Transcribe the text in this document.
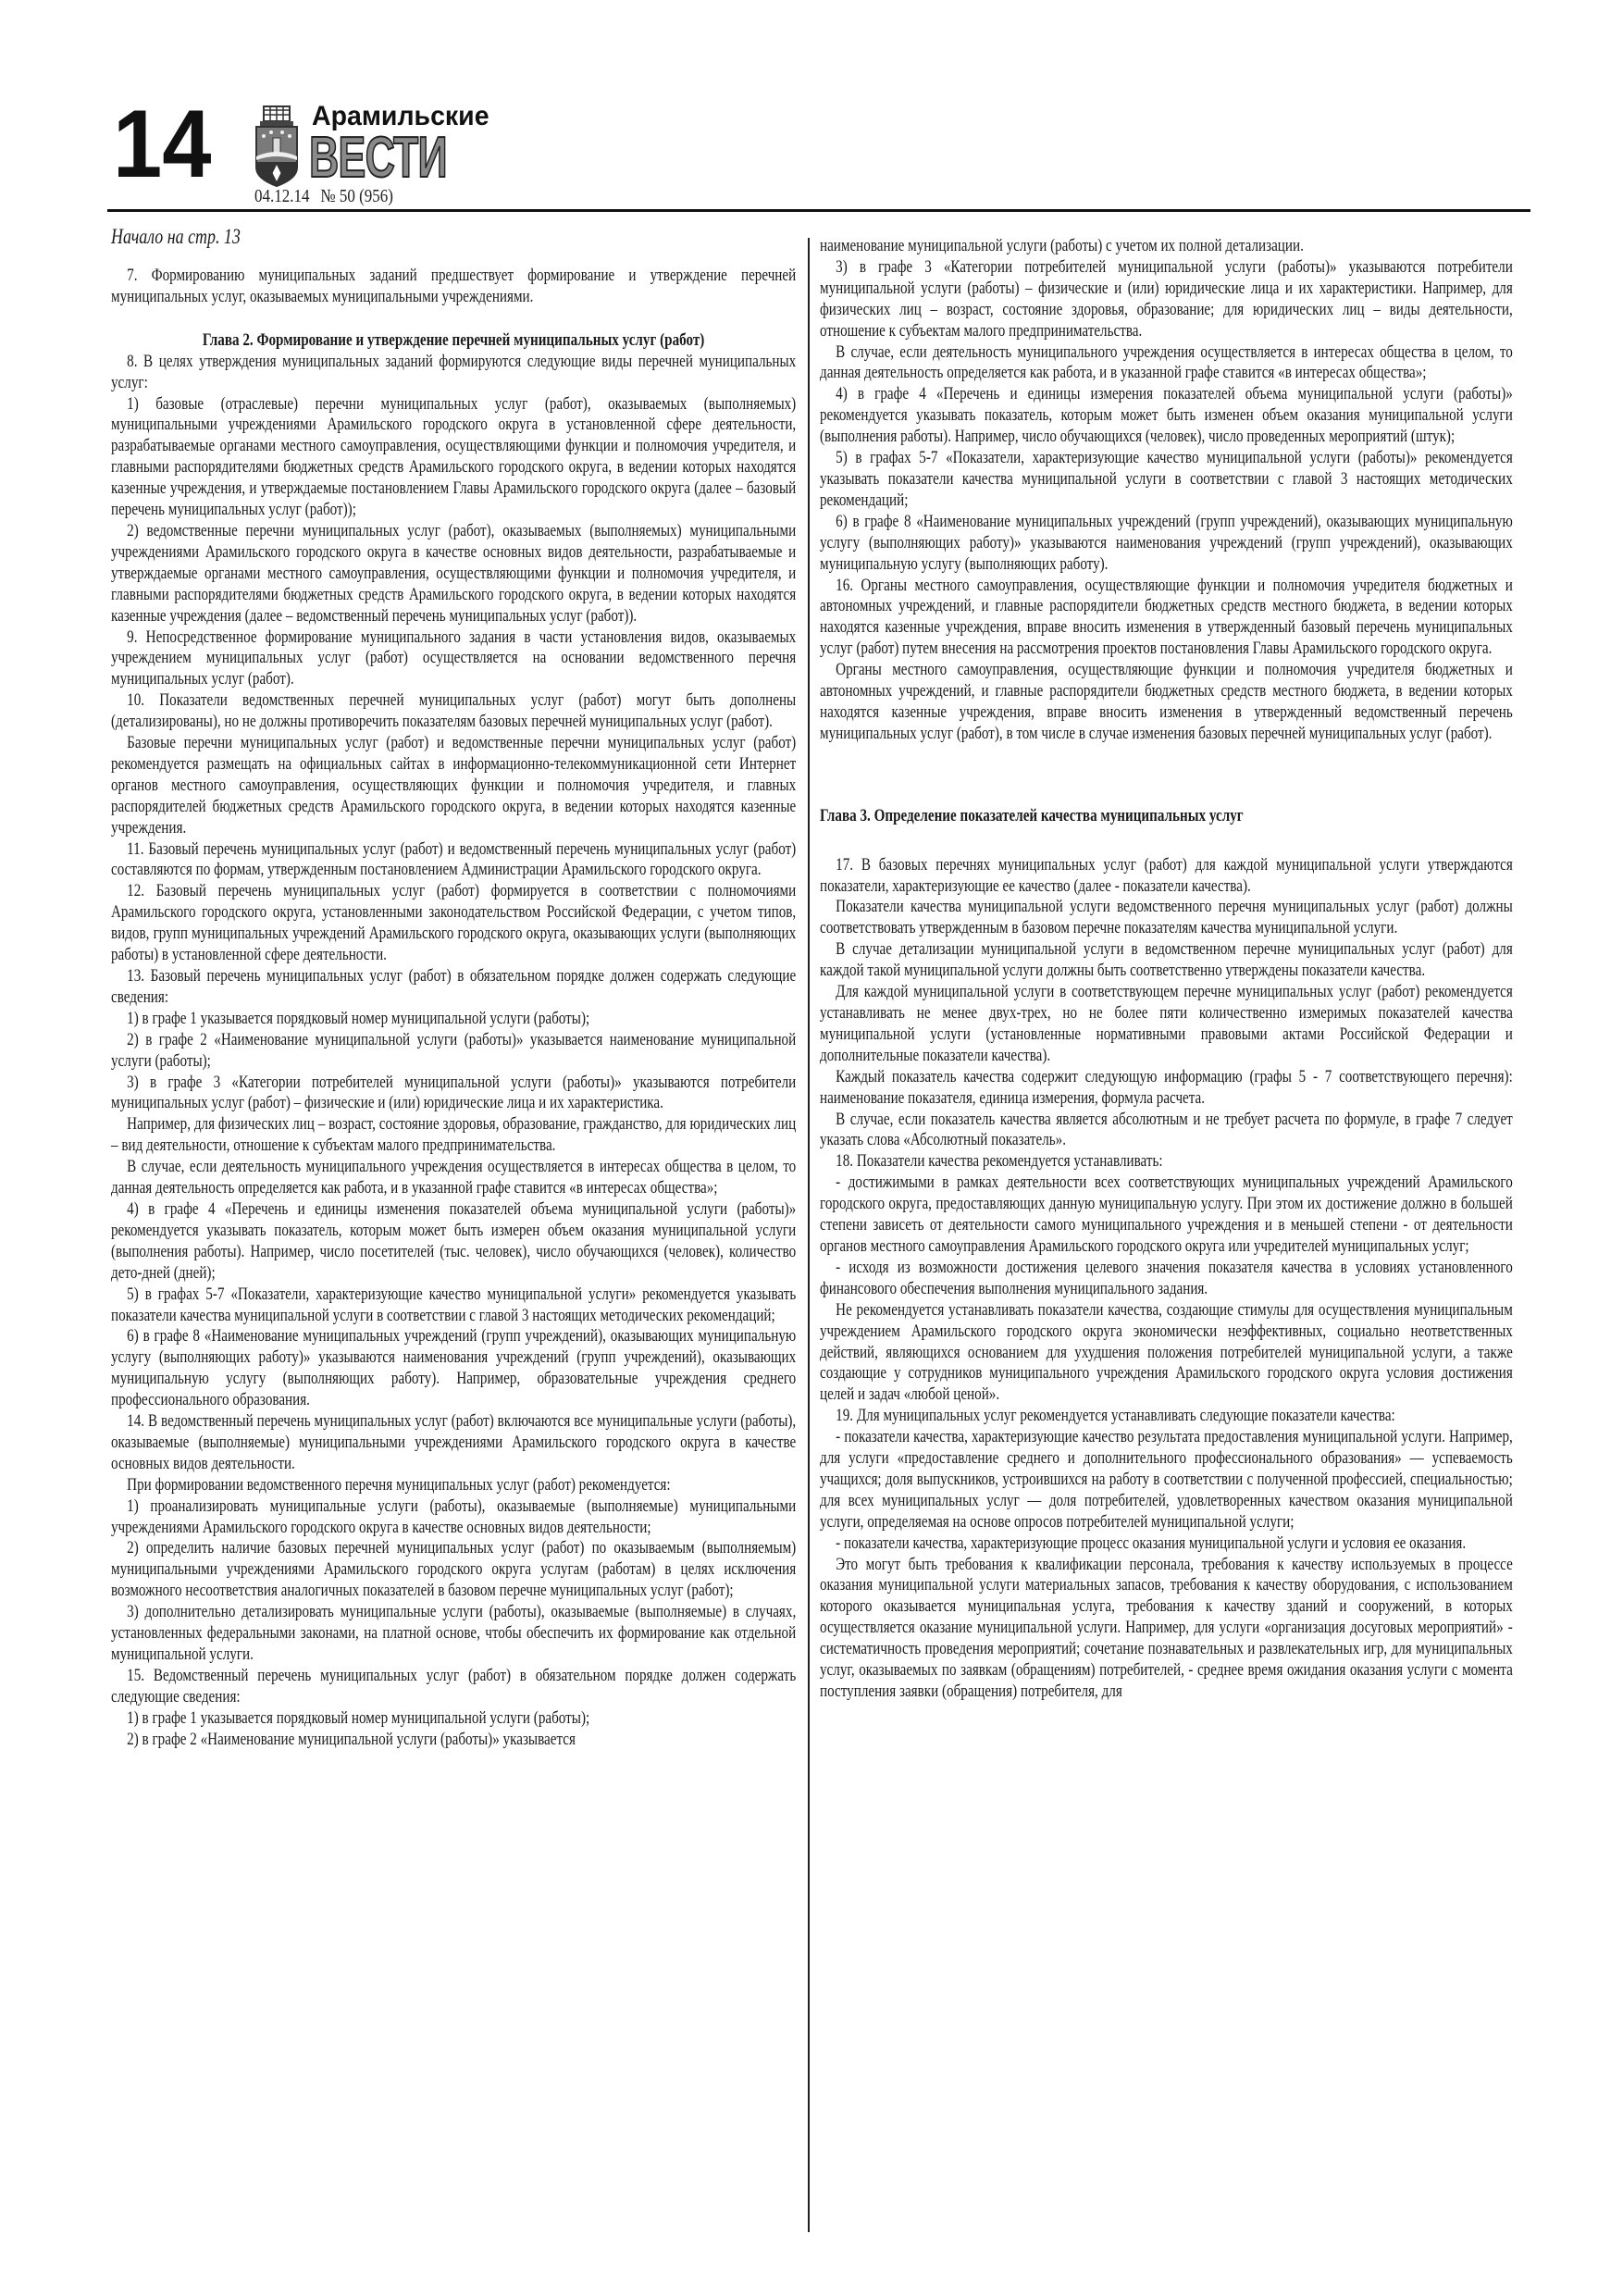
14	Арамильские
ВЕСТИ
04.12.14 № 50 (956)

Начало на стр. 13

7. Формированию муниципальных заданий предшествует формирование и утверждение перечней муниципальных услуг, оказываемых муниципальными учреждениями.

Глава 2. Формирование и утверждение перечней муниципальных услуг (работ)

8. В целях утверждения муниципальных заданий формируются следующие виды перечней муниципальных услуг:

1) базовые (отраслевые) перечни муниципальных услуг (работ), оказываемых (выполняемых) муниципальными учреждениями Арамильского городского округа в установленной сфере деятельности, разрабатываемые органами местного самоуправления, осуществляющими функции и полномочия учредителя, и главными распорядителями бюджетных средств Арамильского городского округа, в ведении которых находятся казенные учреждения, и утверждаемые постановлением Главы Арамильского городского округа (далее – базовый перечень муниципальных услуг (работ));

2) ведомственные перечни муниципальных услуг (работ), оказываемых (выполняемых) муниципальными учреждениями Арамильского городского округа в качестве основных видов деятельности, разрабатываемые и утверждаемые органами местного самоуправления, осуществляющими функции и полномочия учредителя, и главными распорядителями бюджетных средств Арамильского городского округа, в ведении которых находятся казенные учреждения (далее – ведомственный перечень муниципальных услуг (работ)).

9. Непосредственное формирование муниципального задания в части установления видов, оказываемых учреждением муниципальных услуг (работ) осуществляется на основании ведомственного перечня муниципальных услуг (работ).

10. Показатели ведомственных перечней муниципальных услуг (работ) могут быть дополнены (детализированы), но не должны противоречить показателям базовых перечней муниципальных услуг (работ).

Базовые перечни муниципальных услуг (работ) и ведомственные перечни муниципальных услуг (работ) рекомендуется размещать на официальных сайтах в информационно-телекоммуникационной сети Интернет органов местного самоуправления, осуществляющих функции и полномочия учредителя, и главных распорядителей бюджетных средств Арамильского городского округа, в ведении которых находятся казенные учреждения.

11. Базовый перечень муниципальных услуг (работ) и ведомственный перечень муниципальных услуг (работ) составляются по формам, утвержденным постановлением Администрации Арамильского городского округа.

12. Базовый перечень муниципальных услуг (работ) формируется в соответствии с полномочиями Арамильского городского округа, установленными законодательством Российской Федерации, с учетом типов, видов, групп муниципальных учреждений Арамильского городского округа, оказывающих услуги (выполняющих работы) в установленной сфере деятельности.

13. Базовый перечень муниципальных услуг (работ) в обязательном порядке должен содержать следующие сведения:

1) в графе 1 указывается порядковый номер муниципальной услуги (работы);

2) в графе 2 «Наименование муниципальной услуги (работы)» указывается наименование муниципальной услуги (работы);

3) в графе 3 «Категории потребителей муниципальной услуги (работы)» указываются потребители муниципальных услуг (работ) – физические и (или) юридические лица и их характеристика.

Например, для физических лиц – возраст, состояние здоровья, образование, гражданство, для юридических лиц – вид деятельности, отношение к субъектам малого предпринимательства.

В случае, если деятельность муниципального учреждения осуществляется в интересах общества в целом, то данная деятельность определяется как работа, и в указанной графе ставится «в интересах общества»;

4) в графе 4 «Перечень и единицы изменения показателей объема муниципальной услуги (работы)» рекомендуется указывать показатель, которым может быть измерен объем оказания муниципальной услуги (выполнения работы). Например, число посетителей (тыс. человек), число обучающихся (человек), количество дето-дней (дней);

5) в графах 5-7 «Показатели, характеризующие качество муниципальной услуги» рекомендуется указывать показатели качества муниципальной услуги в соответствии с главой 3 настоящих методических рекомендаций;

6) в графе 8 «Наименование муниципальных учреждений (групп учреждений), оказывающих муниципальную услугу (выполняющих работу)» указываются наименования учреждений (групп учреждений), оказывающих муниципальную услугу (выполняющих работу). Например, образовательные учреждения среднего профессионального образования.

14. В ведомственный перечень муниципальных услуг (работ) включаются все муниципальные услуги (работы), оказываемые (выполняемые) муниципальными учреждениями Арамильского городского округа в качестве основных видов деятельности.

При формировании ведомственного перечня муниципальных услуг (работ) рекомендуется:

1) проанализировать муниципальные услуги (работы), оказываемые (выполняемые) муниципальными учреждениями Арамильского городского округа в качестве основных видов деятельности;

2) определить наличие базовых перечней муниципальных услуг (работ) по оказываемым (выполняемым) муниципальными учреждениями Арамильского городского округа услугам (работам) в целях исключения возможного несоответствия аналогичных показателей в базовом перечне муниципальных услуг (работ);

3) дополнительно детализировать муниципальные услуги (работы), оказываемые (выполняемые) в случаях, установленных федеральными законами, на платной основе, чтобы обеспечить их формирование как отдельной муниципальной услуги.

15. Ведомственный перечень муниципальных услуг (работ) в обязательном порядке должен содержать следующие сведения:

1) в графе 1 указывается порядковый номер муниципальной услуги (работы);

2) в графе 2 «Наименование муниципальной услуги (работы)» указывается

наименование муниципальной услуги (работы) с учетом их полной детализации.

3) в графе 3 «Категории потребителей муниципальной услуги (работы)» указываются потребители муниципальной услуги (работы) – физические и (или) юридические лица и их характеристики. Например, для физических лиц – возраст, состояние здоровья, образование; для юридических лиц – виды деятельности, отношение к субъектам малого предпринимательства.

В случае, если деятельность муниципального учреждения осуществляется в интересах общества в целом, то данная деятельность определяется как работа, и в указанной графе ставится «в интересах общества»;

4) в графе 4 «Перечень и единицы измерения показателей объема муниципальной услуги (работы)» рекомендуется указывать показатель, которым может быть изменен объем оказания муниципальной услуги (выполнения работы). Например, число обучающихся (человек), число проведенных мероприятий (штук);

5) в графах 5-7 «Показатели, характеризующие качество муниципальной услуги (работы)» рекомендуется указывать показатели качества муниципальной услуги в соответствии с главой 3 настоящих методических рекомендаций;

6) в графе 8 «Наименование муниципальных учреждений (групп учреждений), оказывающих муниципальную услугу (выполняющих работу)» указываются наименования учреждений (групп учреждений), оказывающих муниципальную услугу (выполняющих работу).

16. Органы местного самоуправления, осуществляющие функции и полномочия учредителя бюджетных и автономных учреждений, и главные распорядители бюджетных средств местного бюджета, в ведении которых находятся казенные учреждения, вправе вносить изменения в утвержденный базовый перечень муниципальных услуг (работ) путем внесения на рассмотрения проектов постановления Главы Арамильского городского округа.

Органы местного самоуправления, осуществляющие функции и полномочия учредителя бюджетных и автономных учреждений, и главные распорядители бюджетных средств местного бюджета, в ведении которых находятся казенные учреждения, вправе вносить изменения в утвержденный ведомственный перечень муниципальных услуг (работ), в том числе в случае изменения базовых перечней муниципальных услуг (работ).

Глава 3. Определение показателей качества муниципальных услуг

17. В базовых перечнях муниципальных услуг (работ) для каждой муниципальной услуги утверждаются показатели, характеризующие ее качество (далее - показатели качества).

Показатели качества муниципальной услуги ведомственного перечня муниципальных услуг (работ) должны соответствовать утвержденным в базовом перечне показателям качества муниципальной услуги.

В случае детализации муниципальной услуги в ведомственном перечне муниципальных услуг (работ) для каждой такой муниципальной услуги должны быть соответственно утверждены показатели качества.

Для каждой муниципальной услуги в соответствующем перечне муниципальных услуг (работ) рекомендуется устанавливать не менее двух-трех, но не более пяти количественно измеримых показателей качества муниципальной услуги (установленные нормативными правовыми актами Российской Федерации и дополнительные показатели качества).

Каждый показатель качества содержит следующую информацию (графы 5 - 7 соответствующего перечня): наименование показателя, единица измерения, формула расчета.

В случае, если показатель качества является абсолютным и не требует расчета по формуле, в графе 7 следует указать слова «Абсолютный показатель».

18. Показатели качества рекомендуется устанавливать:

- достижимыми в рамках деятельности всех соответствующих муниципальных учреждений Арамильского городского округа, предоставляющих данную муниципальную услугу. При этом их достижение должно в большей степени зависеть от деятельности самого муниципального учреждения и в меньшей степени - от деятельности органов местного самоуправления Арамильского городского округа или учредителей муниципальных услуг;

- исходя из возможности достижения целевого значения показателя качества в условиях установленного финансового обеспечения выполнения муниципального задания.

Не рекомендуется устанавливать показатели качества, создающие стимулы для осуществления муниципальным учреждением Арамильского городского округа экономически неэффективных, социально неответственных действий, являющихся основанием для ухудшения положения потребителей муниципальной услуги, а также создающие у сотрудников муниципального учреждения Арамильского городского округа условия достижения целей и задач «любой ценой».

19. Для муниципальных услуг рекомендуется устанавливать следующие показатели качества:

- показатели качества, характеризующие качество результата предоставления муниципальной услуги. Например, для услуги «предоставление среднего и дополнительного профессионального образования» — успеваемость учащихся; доля выпускников, устроившихся на работу в соответствии с полученной профессией, специальностью; для всех муниципальных услуг — доля потребителей, удовлетворенных качеством оказания муниципальной услуги, определяемая на основе опросов потребителей муниципальной услуги;

- показатели качества, характеризующие процесс оказания муниципальной услуги и условия ее оказания.

Это могут быть требования к квалификации персонала, требования к качеству используемых в процессе оказания муниципальной услуги материальных запасов, требования к качеству оборудования, с использованием которого оказывается муниципальная услуга, требования к качеству зданий и сооружений, в которых осуществляется оказание муниципальной услуги. Например, для услуги «организация досуговых мероприятий» - систематичность проведения мероприятий; сочетание познавательных и развлекательных игр, для муниципальных услуг, оказываемых по заявкам (обращениям) потребителей, - среднее время ожидания оказания услуги с момента поступления заявки (обращения) потребителя, для
